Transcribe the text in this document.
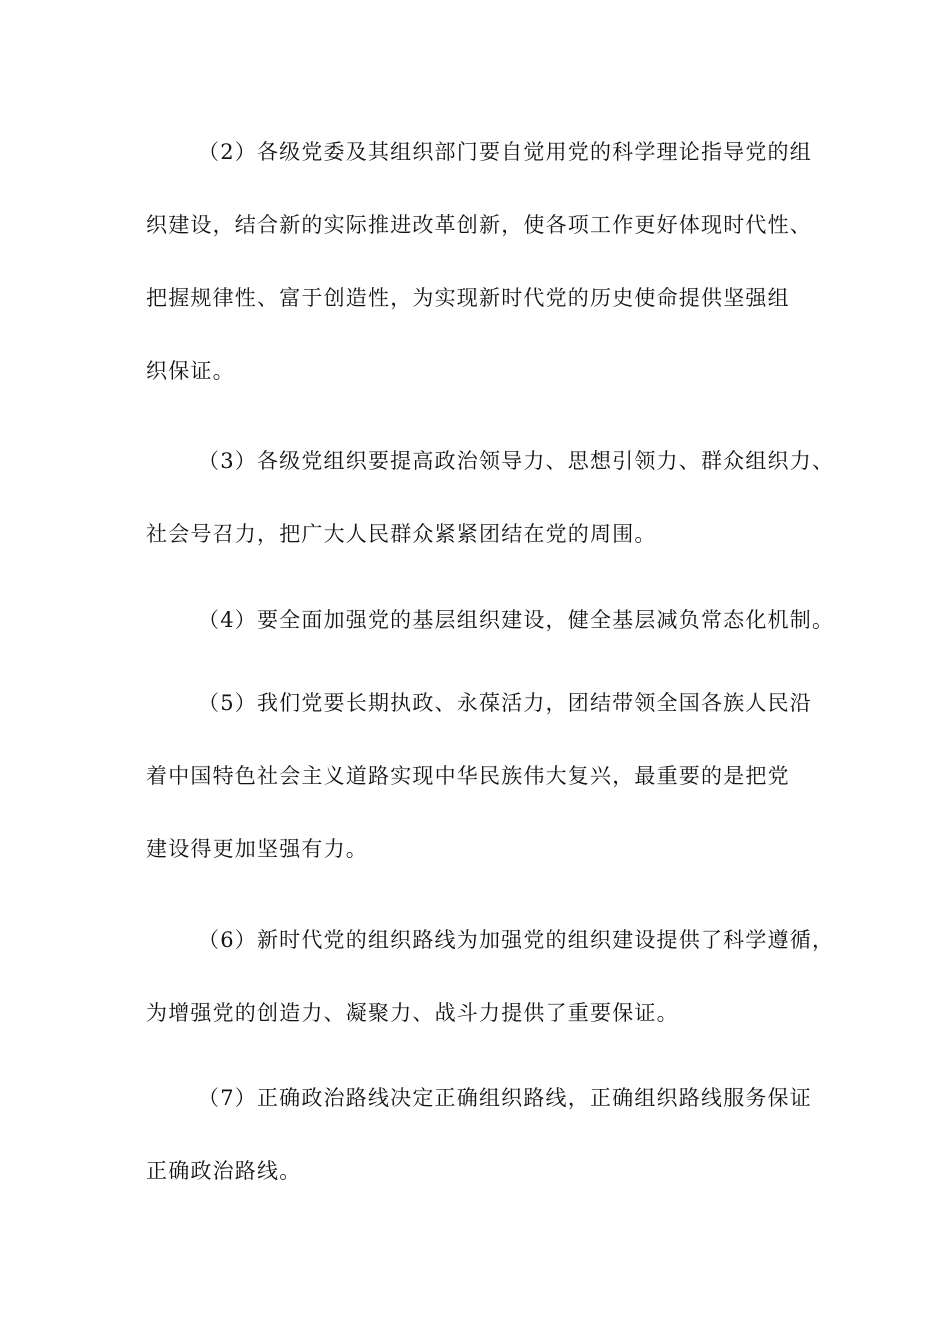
（2）各级党委及其组织部门要自觉用党的科学理论指导党的组
织建设，结合新的实际推进改革创新，使各项工作更好体现时代性、
把握规律性、富于创造性，为实现新时代党的历史使命提供坚强组
织保证。

（3）各级党组织要提高政治领导力、思想引领力、群众组织力、
社会号召力，把广大人民群众紧紧团结在党的周围。

（4）要全面加强党的基层组织建设，健全基层减负常态化机制。

（5）我们党要长期执政、永葆活力，团结带领全国各族人民沿
着中国特色社会主义道路实现中华民族伟大复兴，最重要的是把党
建设得更加坚强有力。

（6）新时代党的组织路线为加强党的组织建设提供了科学遵循，
为增强党的创造力、凝聚力、战斗力提供了重要保证。

（7）正确政治路线决定正确组织路线，正确组织路线服务保证
正确政治路线。
